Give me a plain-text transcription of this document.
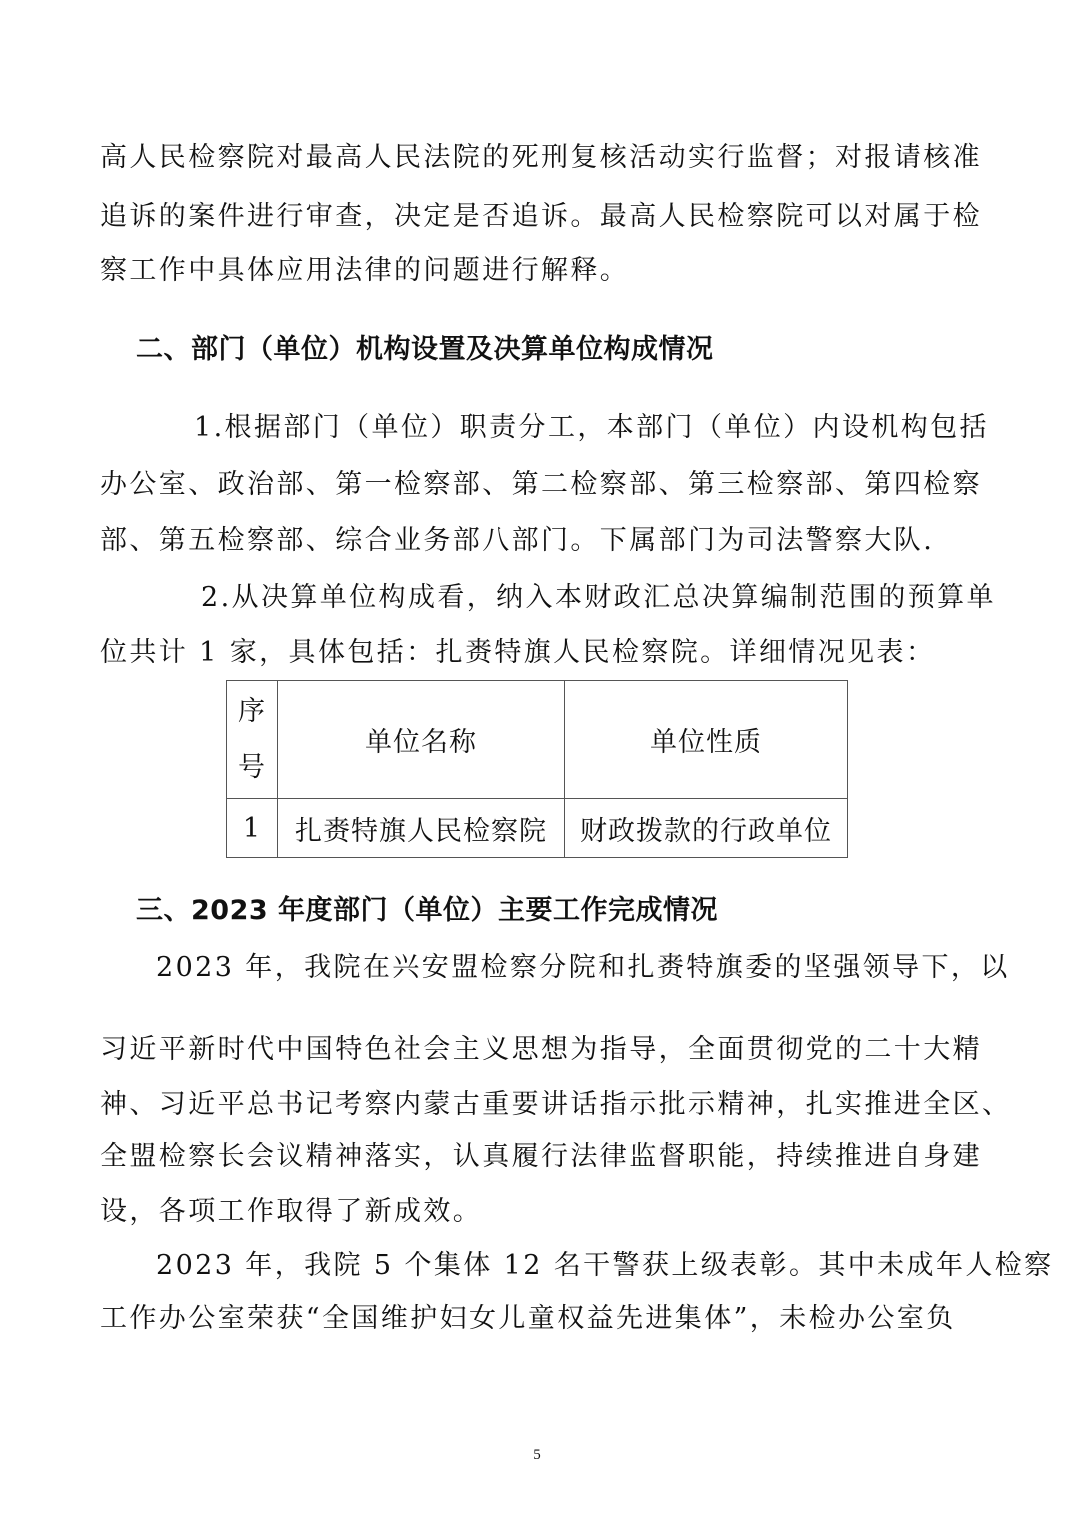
高人民检察院对最高人民法院的死刑复核活动实行监督；对报请核准
追诉的案件进行审查，决定是否追诉。最高人民检察院可以对属于检
察工作中具体应用法律的问题进行解释。
二、部门（单位）机构设置及决算单位构成情况
1.根据部门（单位）职责分工，本部门（单位）内设机构包括
办公室、政治部、第一检察部、第二检察部、第三检察部、第四检察
部、第五检察部、综合业务部八部门。下属部门为司法警察大队.
2.从决算单位构成看，纳入本财政汇总决算编制范围的预算单
位共计 1 家，具体包括：扎赉特旗人民检察院。详细情况见表：
序
号	单位名称	单位性质
1	扎赉特旗人民检察院	财政拨款的行政单位
三、2023 年度部门（单位）主要工作完成情况
2023 年，我院在兴安盟检察分院和扎赉特旗委的坚强领导下，以
习近平新时代中国特色社会主义思想为指导，全面贯彻党的二十大精
神、习近平总书记考察内蒙古重要讲话指示批示精神，扎实推进全区、
全盟检察长会议精神落实，认真履行法律监督职能，持续推进自身建
设，各项工作取得了新成效。
2023 年，我院 5 个集体 12 名干警获上级表彰。其中未成年人检察
工作办公室荣获“全国维护妇女儿童权益先进集体”，未检办公室负
5
